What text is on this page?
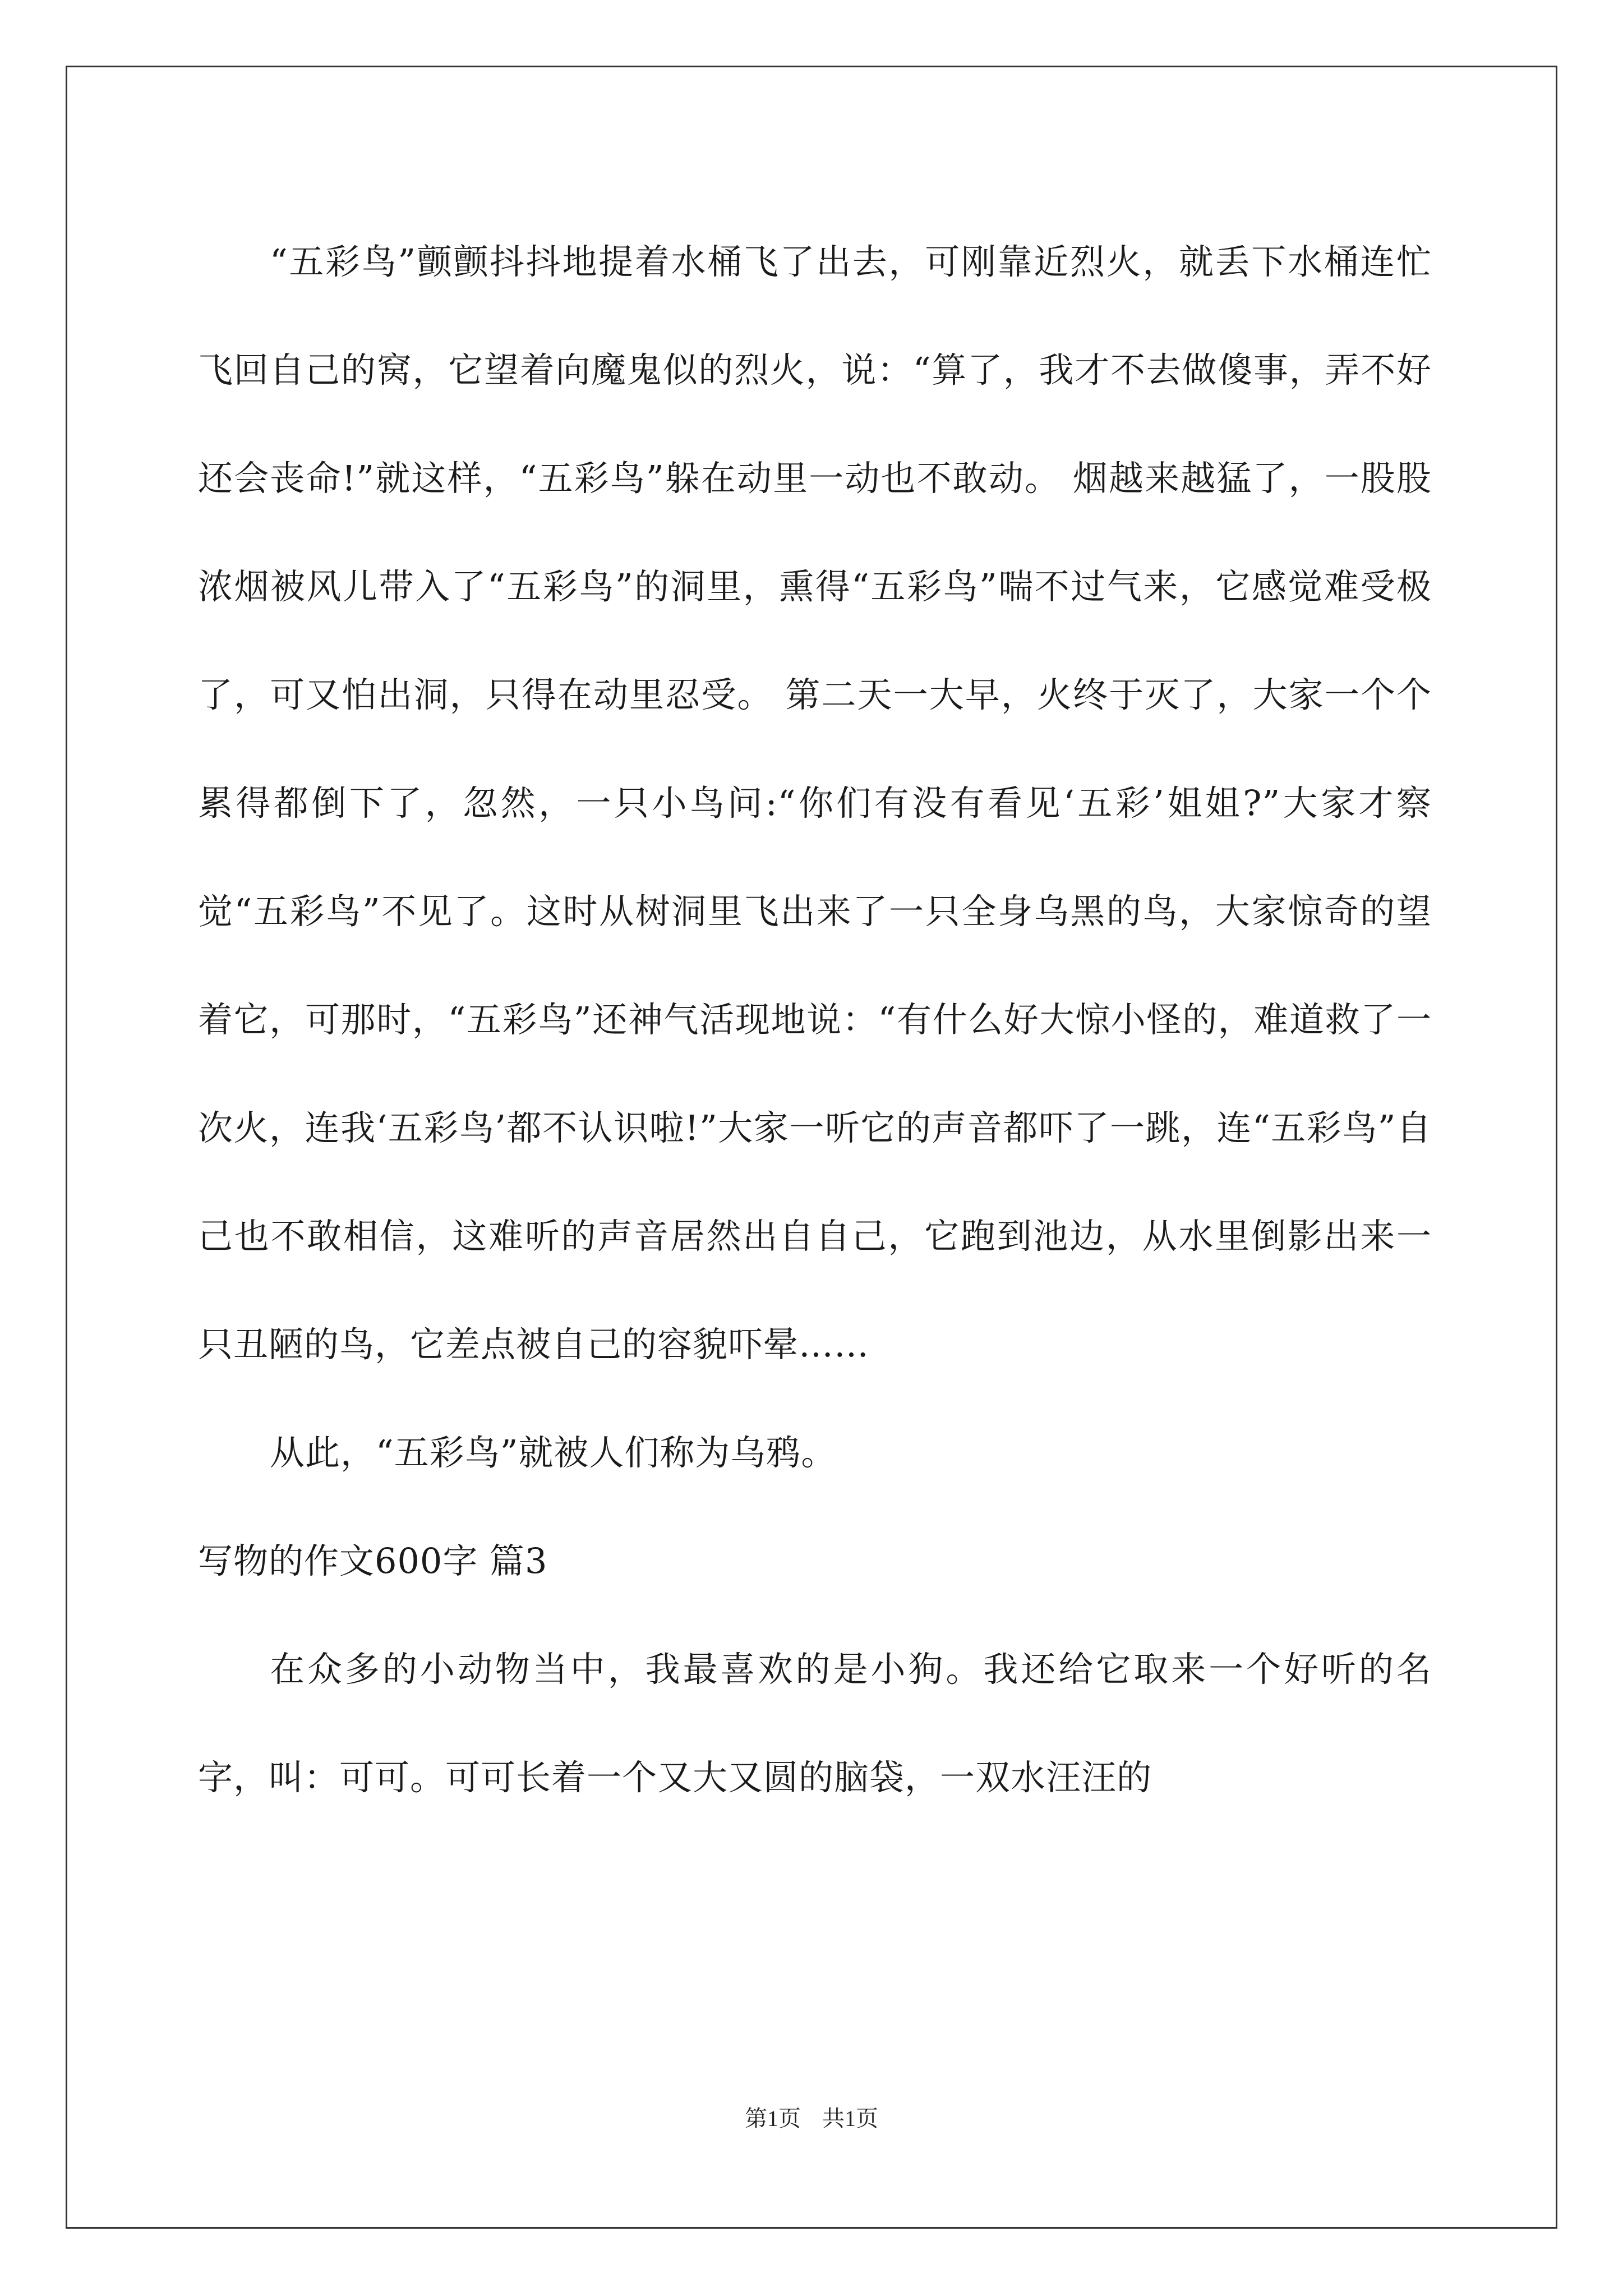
“五彩鸟”颤颤抖抖地提着水桶飞了出去，可刚靠近烈火，就丢下水桶连忙飞回自己的窝，它望着向魔鬼似的烈火，说：“算了，我才不去做傻事，弄不好还会丧命!”就这样，“五彩鸟”躲在动里一动也不敢动。 烟越来越猛了，一股股浓烟被风儿带入了“五彩鸟”的洞里，熏得“五彩鸟”喘不过气来，它感觉难受极了，可又怕出洞，只得在动里忍受。 第二天一大早，火终于灭了，大家一个个累得都倒下了，忽然，一只小鸟问:“你们有没有看见‘五彩’姐姐?”大家才察觉“五彩鸟”不见了。这时从树洞里飞出来了一只全身乌黑的鸟，大家惊奇的望着它，可那时，“五彩鸟”还神气活现地说：“有什么好大惊小怪的，难道救了一次火，连我‘五彩鸟’都不认识啦!”大家一听它的声音都吓了一跳，连“五彩鸟”自己也不敢相信，这难听的声音居然出自自己，它跑到池边，从水里倒影出来一只丑陋的鸟，它差点被自己的容貌吓晕……

从此，“五彩鸟”就被人们称为乌鸦。

写物的作文600字 篇3

在众多的小动物当中，我最喜欢的是小狗。我还给它取来一个好听的名字，叫：可可。可可长着一个又大又圆的脑袋，一双水汪汪的

第1页 共1页
